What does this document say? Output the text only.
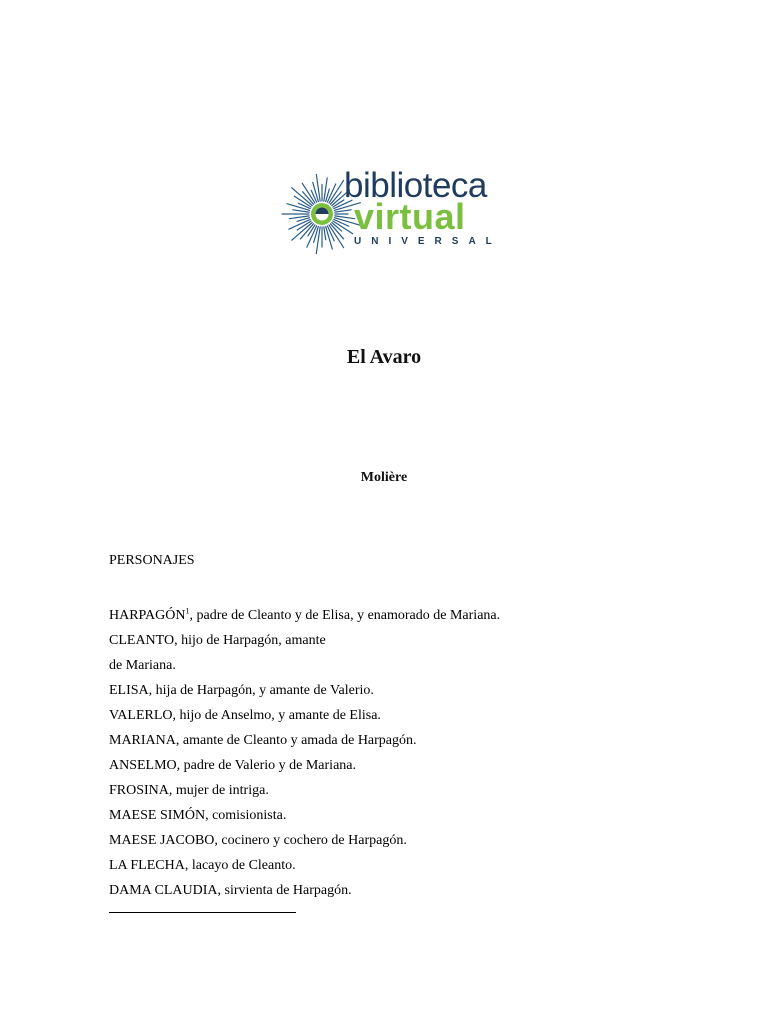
biblioteca
virtual
UNIVERSAL
El Avaro
Molière
PERSONAJES
HARPAGÓN$^1$, padre de Cleanto y de Elisa, y enamorado de Mariana.
CLEANTO, hijo de Harpagón, amante
de Mariana.
ELISA, hija de Harpagón, y amante de Valerio.
VALERLO, hijo de Anselmo, y amante de Elisa.
MARIANA, amante de Cleanto y amada de Harpagón.
ANSELMO, padre de Valerio y de Mariana.
FROSINA, mujer de intriga.
MAESE SIMÓN, comisionista.
MAESE JACOBO, cocinero y cochero de Harpagón.
LA FLECHA, lacayo de Cleanto.
DAMA CLAUDIA, sirvienta de Harpagón.
